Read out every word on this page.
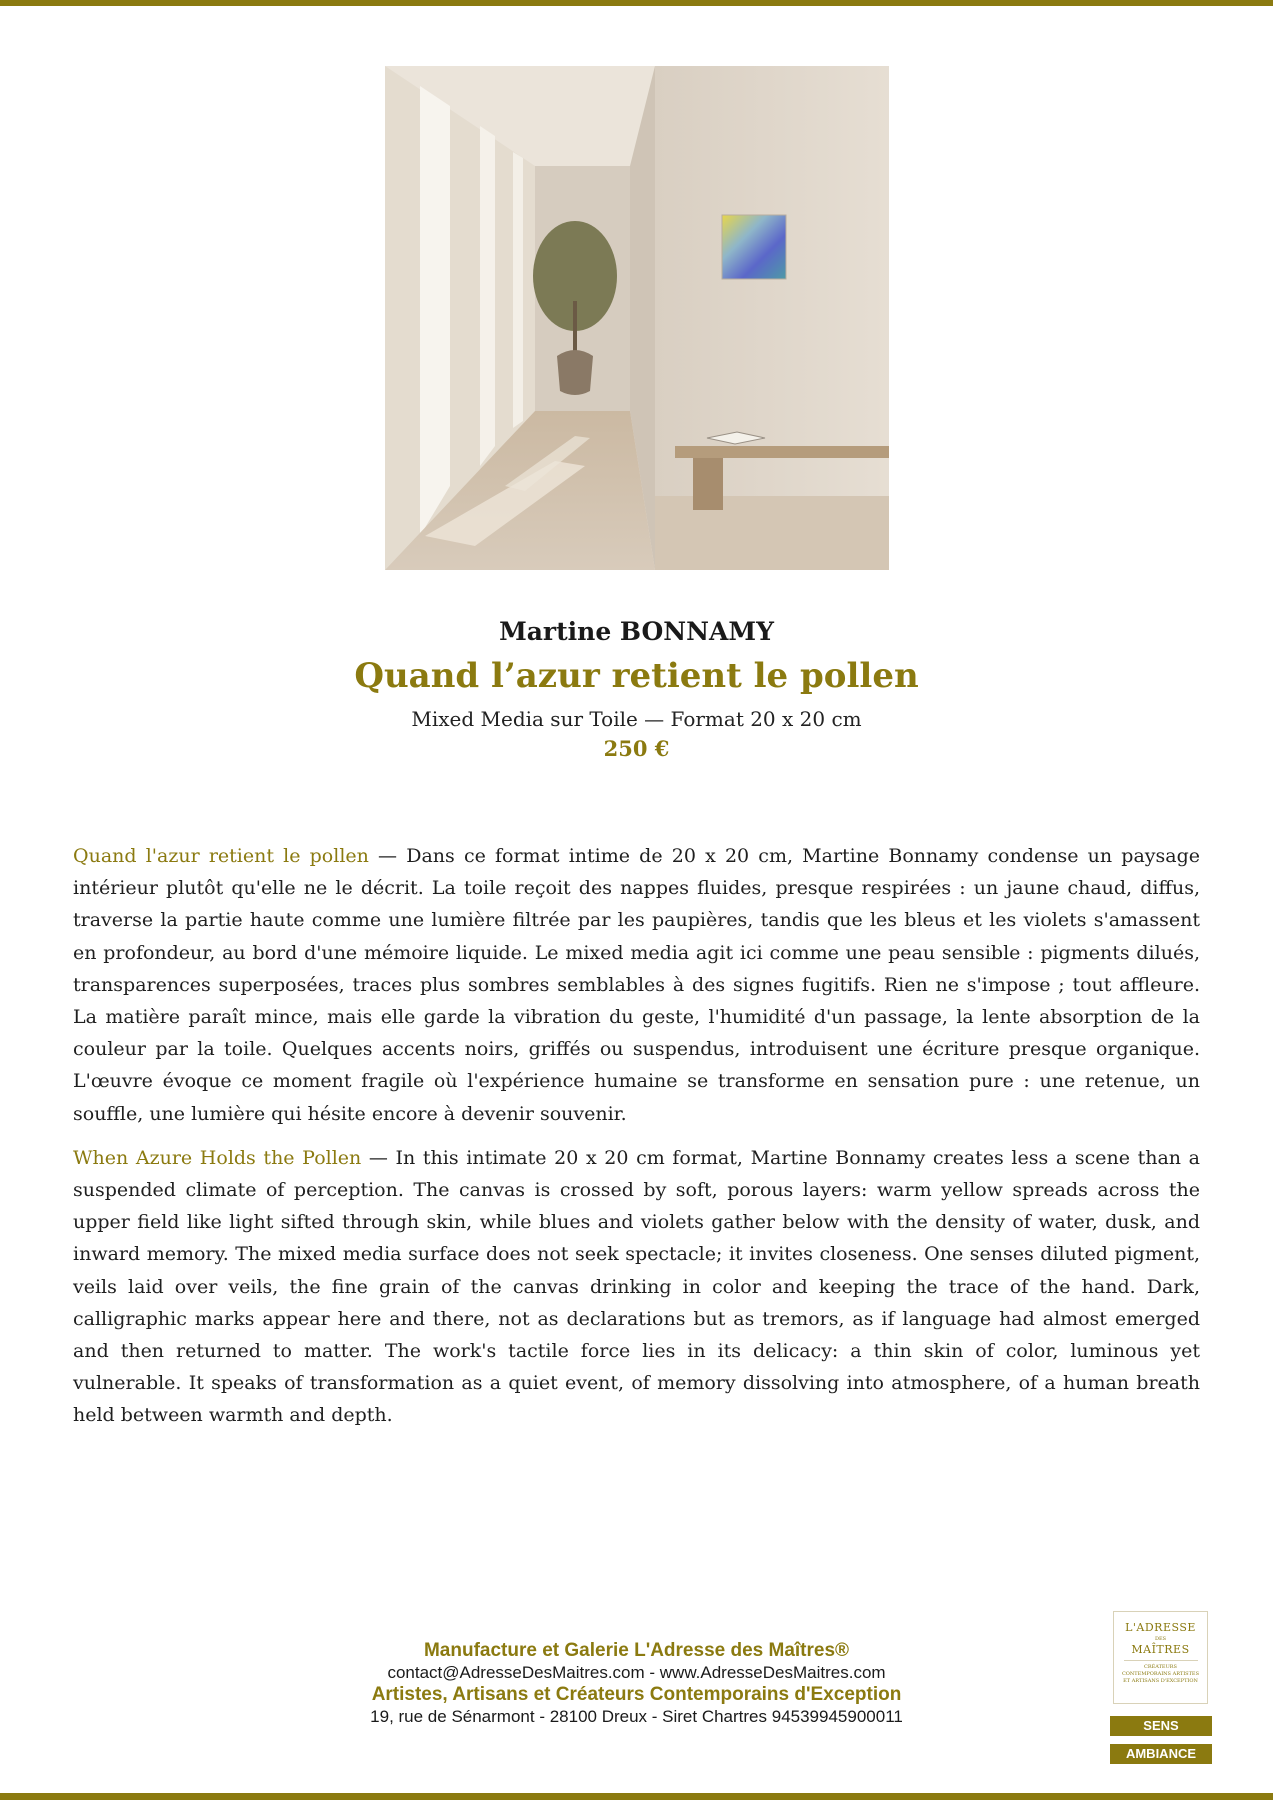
Martine BONNAMY
Quand l’azur retient le pollen
Mixed Media sur Toile — Format 20 x 20 cm
250 €

Quand l'azur retient le pollen — Dans ce format intime de 20 x 20 cm, Martine Bonnamy condense un paysage intérieur plutôt qu'elle ne le décrit. La toile reçoit des nappes fluides, presque respirées : un jaune chaud, diffus, traverse la partie haute comme une lumière filtrée par les paupières, tandis que les bleus et les violets s'amassent en profondeur, au bord d'une mémoire liquide. Le mixed media agit ici comme une peau sensible : pigments dilués, transparences superposées, traces plus sombres semblables à des signes fugitifs. Rien ne s'impose ; tout affleure. La matière paraît mince, mais elle garde la vibration du geste, l'humidité d'un passage, la lente absorption de la couleur par la toile. Quelques accents noirs, griffés ou suspendus, introduisent une écriture presque organique. L'œuvre évoque ce moment fragile où l'expérience humaine se transforme en sensation pure : une retenue, un souffle, une lumière qui hésite encore à devenir souvenir.

When Azure Holds the Pollen — In this intimate 20 x 20 cm format, Martine Bonnamy creates less a scene than a suspended climate of perception. The canvas is crossed by soft, porous layers: warm yellow spreads across the upper field like light sifted through skin, while blues and violets gather below with the density of water, dusk, and inward memory. The mixed media surface does not seek spectacle; it invites closeness. One senses diluted pigment, veils laid over veils, the fine grain of the canvas drinking in color and keeping the trace of the hand. Dark, calligraphic marks appear here and there, not as declarations but as tremors, as if language had almost emerged and then returned to matter. The work's tactile force lies in its delicacy: a thin skin of color, luminous yet vulnerable. It speaks of transformation as a quiet event, of memory dissolving into atmosphere, of a human breath held between warmth and depth.

Manufacture et Galerie L'Adresse des Maîtres®
contact@AdresseDesMaitres.com - www.AdresseDesMaitres.com
Artistes, Artisans et Créateurs Contemporains d'Exception
19, rue de Sénarmont - 28100 Dreux - Siret Chartres 94539945900011
L'ADRESSE
DES
MAÎTRES
CRÉATEURS CONTEMPORAINS ARTISTES ET ARTISANS D'EXCEPTION
SENS
AMBIANCE
